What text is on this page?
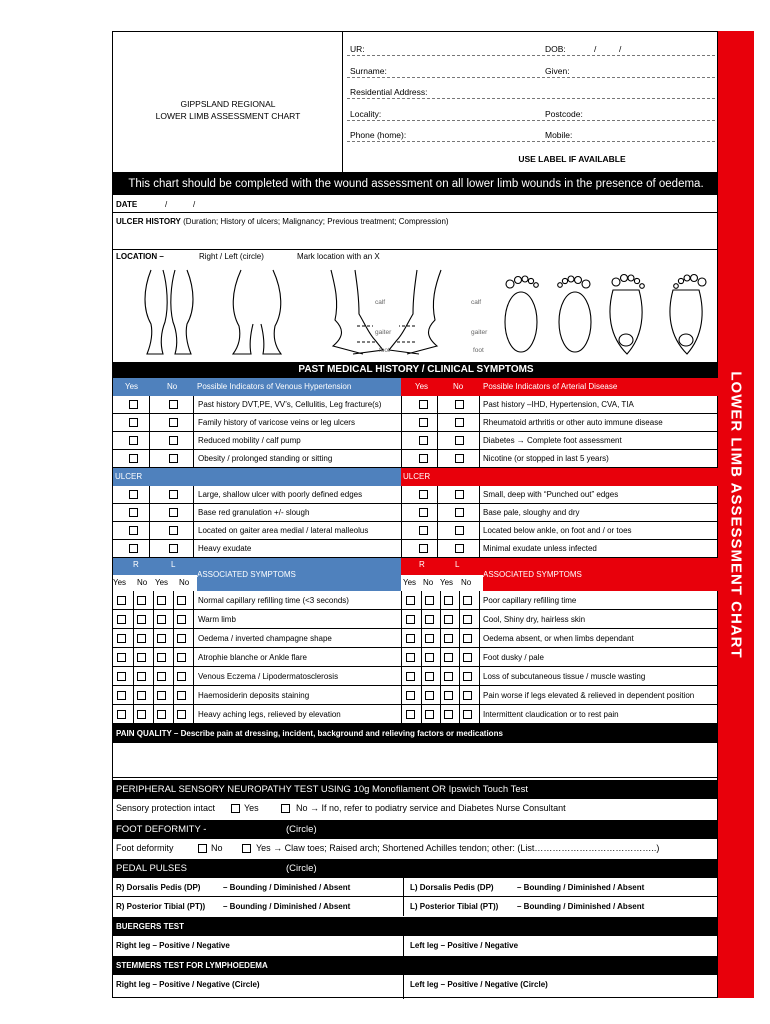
GIPPSLAND REGIONAL
LOWER LIMB ASSESSMENT CHART
UR:	DOB:	/	/
Surname:	Given:
Residential Address:
Locality:	Postcode:
Phone (home):	Mobile:
USE LABEL IF AVAILABLE
This chart should be completed with the wound assessment on all lower limb wounds in the presence of oedema.
DATE	/	/
ULCER HISTORY (Duration; History of ulcers; Malignancy; Previous treatment; Compression)
LOCATION –	Right / Left (circle)	Mark location with an X
calf
gaiter
foot
calf
gaiter
foot
PAST MEDICAL HISTORY / CLINICAL SYMPTOMS
Yes	No Possible Indicators of Venous Hypertension	Yes	No Possible Indicators of Arterial Disease
Past history DVT,PE, VV’s, Cellulitis, Leg fracture(s)	Past history –IHD, Hypertension, CVA, TIA
Family history of varicose veins or leg ulcers	Rheumatoid arthritis or other auto immune disease
Reduced mobility / calf pump	Diabetes → Complete foot assessment
Obesity / prolonged standing or sitting	Nicotine (or stopped in last 5 years)
ULCER	ULCER
Large, shallow ulcer with poorly defined edges	Small, deep with “Punched out” edges
Base red granulation +/- slough	Base pale, sloughy and dry
Located on gaiter area medial / lateral malleolus	Located below ankle, on foot and / or toes
Heavy exudate	Minimal exudate unless infected
R	L
ASSOCIATED SYMPTOMS
R	L
ASSOCIATED SYMPTOMS
Yes No Yes No	Yes No Yes No
Normal capillary refilling time (<3 seconds)	Poor capillary refilling time
Warm limb	Cool, Shiny dry, hairless skin
Oedema / inverted champagne shape	Oedema absent, or when limbs dependant
Atrophie blanche or Ankle flare	Foot dusky / pale
Venous Eczema / Lipodermatosclerosis	Loss of subcutaneous tissue / muscle wasting
Haemosiderin deposits staining	Pain worse if legs elevated & relieved in dependent position
Heavy aching legs, relieved by elevation	Intermittent claudication or to rest pain
PAIN QUALITY – Describe pain at dressing, incident, background and relieving factors or medications
PERIPHERAL SENSORY NEUROPATHY TEST USING 10g Monofilament OR Ipswich Touch Test
Sensory protection intact	Yes	No → If no, refer to podiatry service and Diabetes Nurse Consultant
FOOT DEFORMITY -	(Circle)
Foot deformity	No	Yes → Claw toes; Raised arch; Shortened Achilles tendon; other: (List…………………………………..)
PEDAL PULSES	(Circle)
R) Dorsalis Pedis (DP)	– Bounding / Diminished / Absent	L) Dorsalis Pedis (DP)	– Bounding / Diminished / Absent
R) Posterior Tibial (PT)) – Bounding / Diminished / Absent	L) Posterior Tibial (PT)) – Bounding / Diminished / Absent
BUERGERS TEST
Right leg – Positive / Negative	Left leg – Positive / Negative
STEMMERS TEST FOR LYMPHOEDEMA
Right leg – Positive / Negative (Circle)	Left leg – Positive / Negative (Circle)
LOWER LIMB ASSESSMENT CHART
